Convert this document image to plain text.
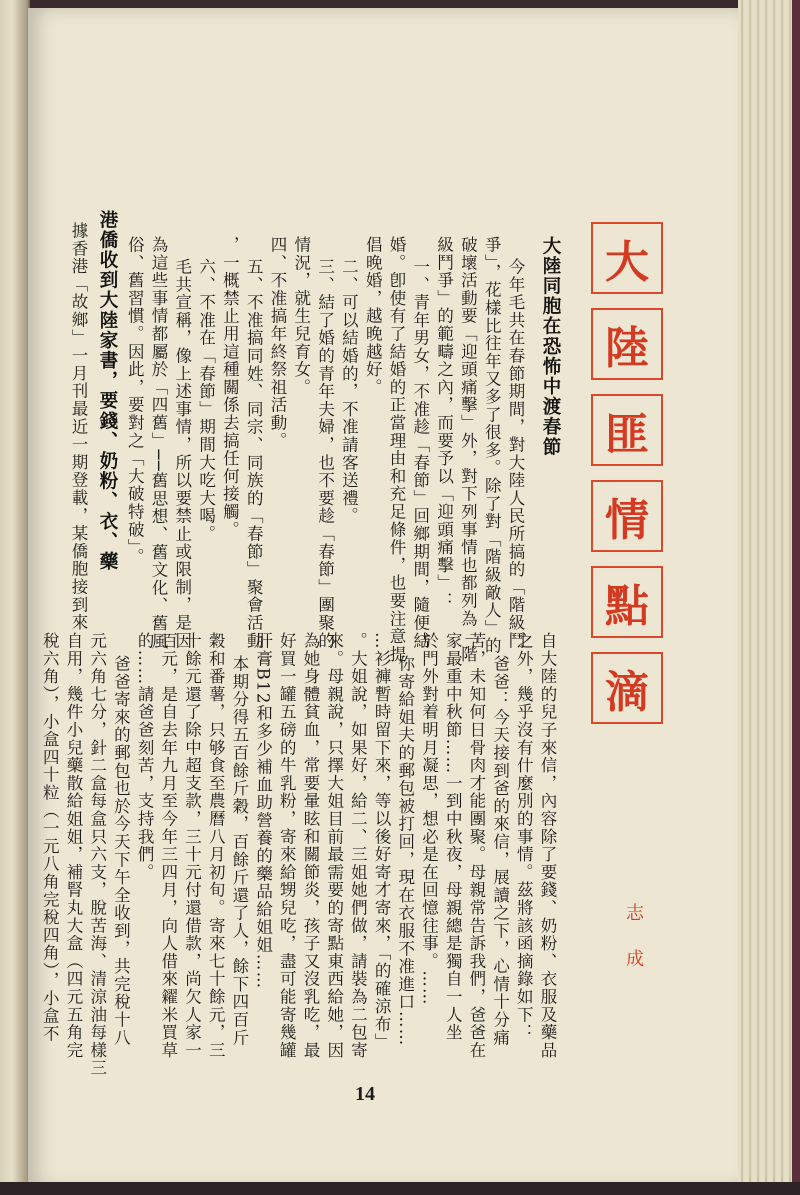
大陸同胞在恐怖中渡春節
今年毛共在春節期間，對大陸人民所搞的「階級鬥
爭」，花樣比往年又多了很多。除了對「階級敵人」的
破壞活動要「迎頭痛擊」外，對下列事情也都列為「階
級鬥爭」的範疇之內，而要予以「迎頭痛擊」：
一、青年男女，不准趁「春節」回鄉期間，隨便結
婚。卽使有了結婚的正當理由和充足條件，也要注意提
倡晚婚，越晚越好。
二、可以結婚的，不准請客送禮。
三、結了婚的青年夫婦，也不要趁「春節」團聚的
情況，就生兒育女。
四、不准搞年終祭祖活動。
五、不准搞同姓、同宗、同族的「春節」聚會活動
，一概禁止用這種關係去搞任何接觸。
六、不准在「春節」期間大吃大喝。
毛共宣稱，像上述事情，所以要禁止或限制，是因
為這些事情都屬於「四舊」──舊思想、舊文化、舊風
俗、舊習慣。因此，要對之「大破特破」。
港僑收到大陸家書，要錢、奶粉、衣、藥
據香港「故鄉」一月刊最近一期登載，某僑胞接到來
自大陸的兒子來信，內容除了要錢、奶粉、衣服及藥品
之外，幾乎沒有什麼別的事情。茲將該函摘錄如下：
爸爸：今天接到爸的來信，展讀之下，心情十分痛
苦，未知何日骨肉才能團聚。母親常告訴我們，爸爸在
家最重中秋節……一到中秋夜，母親總是獨自一人坐
於門外對着明月凝思，想必是在回憶往事。……
你寄給姐夫的郵包被打回，現在衣服不准進口……
…衫褲暫時留下來，等以後好寄才寄來，「的確涼布」
。大姐說，如果好，給二、三姐她們做，請裝為二包寄
來。母親說，只擇大姐目前最需要的寄點東西給她，因
為她身體貧血，常要暈眩和關節炎，孩子又沒乳吃，最
好買一罐五磅的牛乳粉，寄來給甥兒吃，盡可能寄幾罐
肝膏B12和多少補血助營養的藥品給姐姐……
本期分得五百餘斤穀，百餘斤還了人，餘下四百斤
穀和番薯，只够食至農曆八月初旬。寄來七十餘元，三
十餘元還了除中超支款，三十元付還借款，尚欠人家一
百元，是自去年九月至今年三四月，向人借來糴米買草
的……請爸爸刻苦，支持我們。
爸爸寄來的郵包也於今天下午全收到，共完稅十八
元六角七分，針二盒每盒只六支，脫苦海、清涼油每樣三
自用，幾件小兒藥散給姐姐，補腎丸大盒（四元五角完
稅六角），小盒四十粒（一元八角完稅四角），小盒不
大
陸
匪
情
點
滴
志成
14
